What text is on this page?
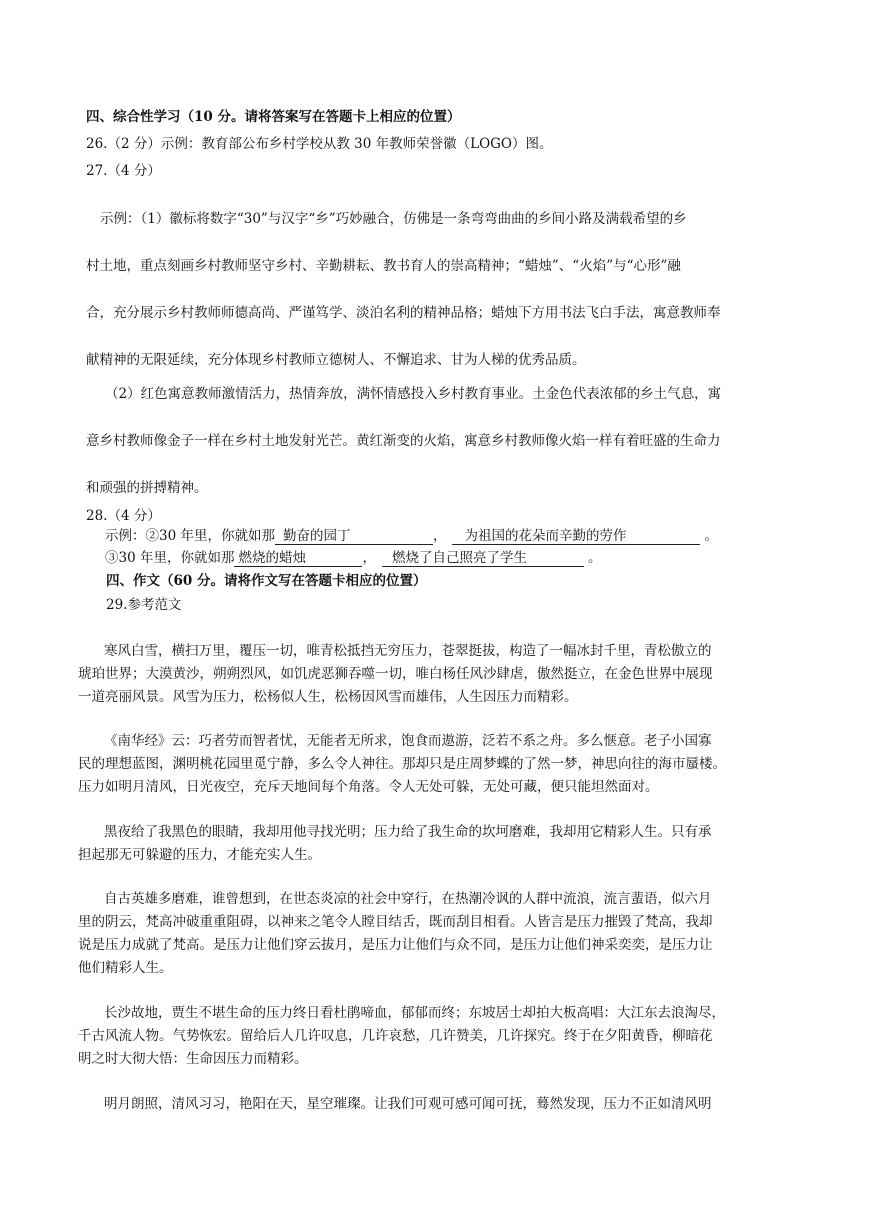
四、综合性学习（10 分。请将答案写在答题卡上相应的位置）
26.（2 分）示例：教育部公布乡村学校从教 30 年教师荣誉徽（LOGO）图。
27.（4 分）
示例：（1）徽标将数字“30”与汉字“乡”巧妙融合，仿佛是一条弯弯曲曲的乡间小路及满载希望的乡
村土地，重点刻画乡村教师坚守乡村、辛勤耕耘、教书育人的崇高精神；“蜡烛”、“火焰”与“心形”融
合，充分展示乡村教师师德高尚、严谨笃学、淡泊名利的精神品格；蜡烛下方用书法飞白手法，寓意教师奉
献精神的无限延续，充分体现乡村教师立德树人、不懈追求、甘为人梯的优秀品质。
（2）红色寓意教师激情活力，热情奔放，满怀情感投入乡村教育事业。土金色代表浓郁的乡土气息，寓
意乡村教师像金子一样在乡村土地发射光芒。黄红渐变的火焰，寓意乡村教师像火焰一样有着旺盛的生命力
和顽强的拼搏精神。
28.（4 分）
示例：②30 年里，你就如那 勤奋的园丁	， 为祖国的花朵而辛勤的劳作	。
③30 年里，你就如那 燃烧的蜡烛	， 燃烧了自己照亮了学生	。
四、作文（60 分。请将作文写在答题卡相应的位置）
29.参考范文
寒风白雪，横扫万里，覆压一切，唯青松抵挡无穷压力，苍翠挺拔，构造了一幅冰封千里，青松傲立的
琥珀世界；大漠黄沙，朔朔烈风，如饥虎恶狮吞噬一切，唯白杨任风沙肆虐，傲然挺立，在金色世界中展现
一道亮丽风景。风雪为压力，松杨似人生，松杨因风雪而雄伟，人生因压力而精彩。
《南华经》云：巧者劳而智者忧，无能者无所求，饱食而遨游，泛若不系之舟。多么惬意。老子小国寡
民的理想蓝图，渊明桃花园里觅宁静，多么令人神往。那却只是庄周梦蝶的了然一梦，神思向往的海市蜃楼。
压力如明月清风，日光夜空，充斥天地间每个角落。令人无处可躲，无处可藏，便只能坦然面对。
黑夜给了我黑色的眼睛，我却用他寻找光明；压力给了我生命的坎坷磨难，我却用它精彩人生。只有承
担起那无可躲避的压力，才能充实人生。
自古英雄多磨难，谁曾想到，在世态炎凉的社会中穿行，在热潮冷讽的人群中流浪，流言蜚语，似六月
里的阴云，梵高冲破重重阻碍，以神来之笔令人瞠目结舌，既而刮目相看。人皆言是压力摧毁了梵高，我却
说是压力成就了梵高。是压力让他们穿云拔月，是压力让他们与众不同，是压力让他们神采奕奕，是压力让
他们精彩人生。
长沙故地，贾生不堪生命的压力终日看杜鹃啼血，郁郁而终；东坡居士却拍大板高唱：大江东去浪淘尽，
千古风流人物。气势恢宏。留给后人几许叹息，几许哀愁，几许赞美，几许探究。终于在夕阳黄昏，柳暗花
明之时大彻大悟：生命因压力而精彩。
明月朗照，清风习习，艳阳在天，星空璀璨。让我们可观可感可闻可抚，蓦然发现，压力不正如清风明
